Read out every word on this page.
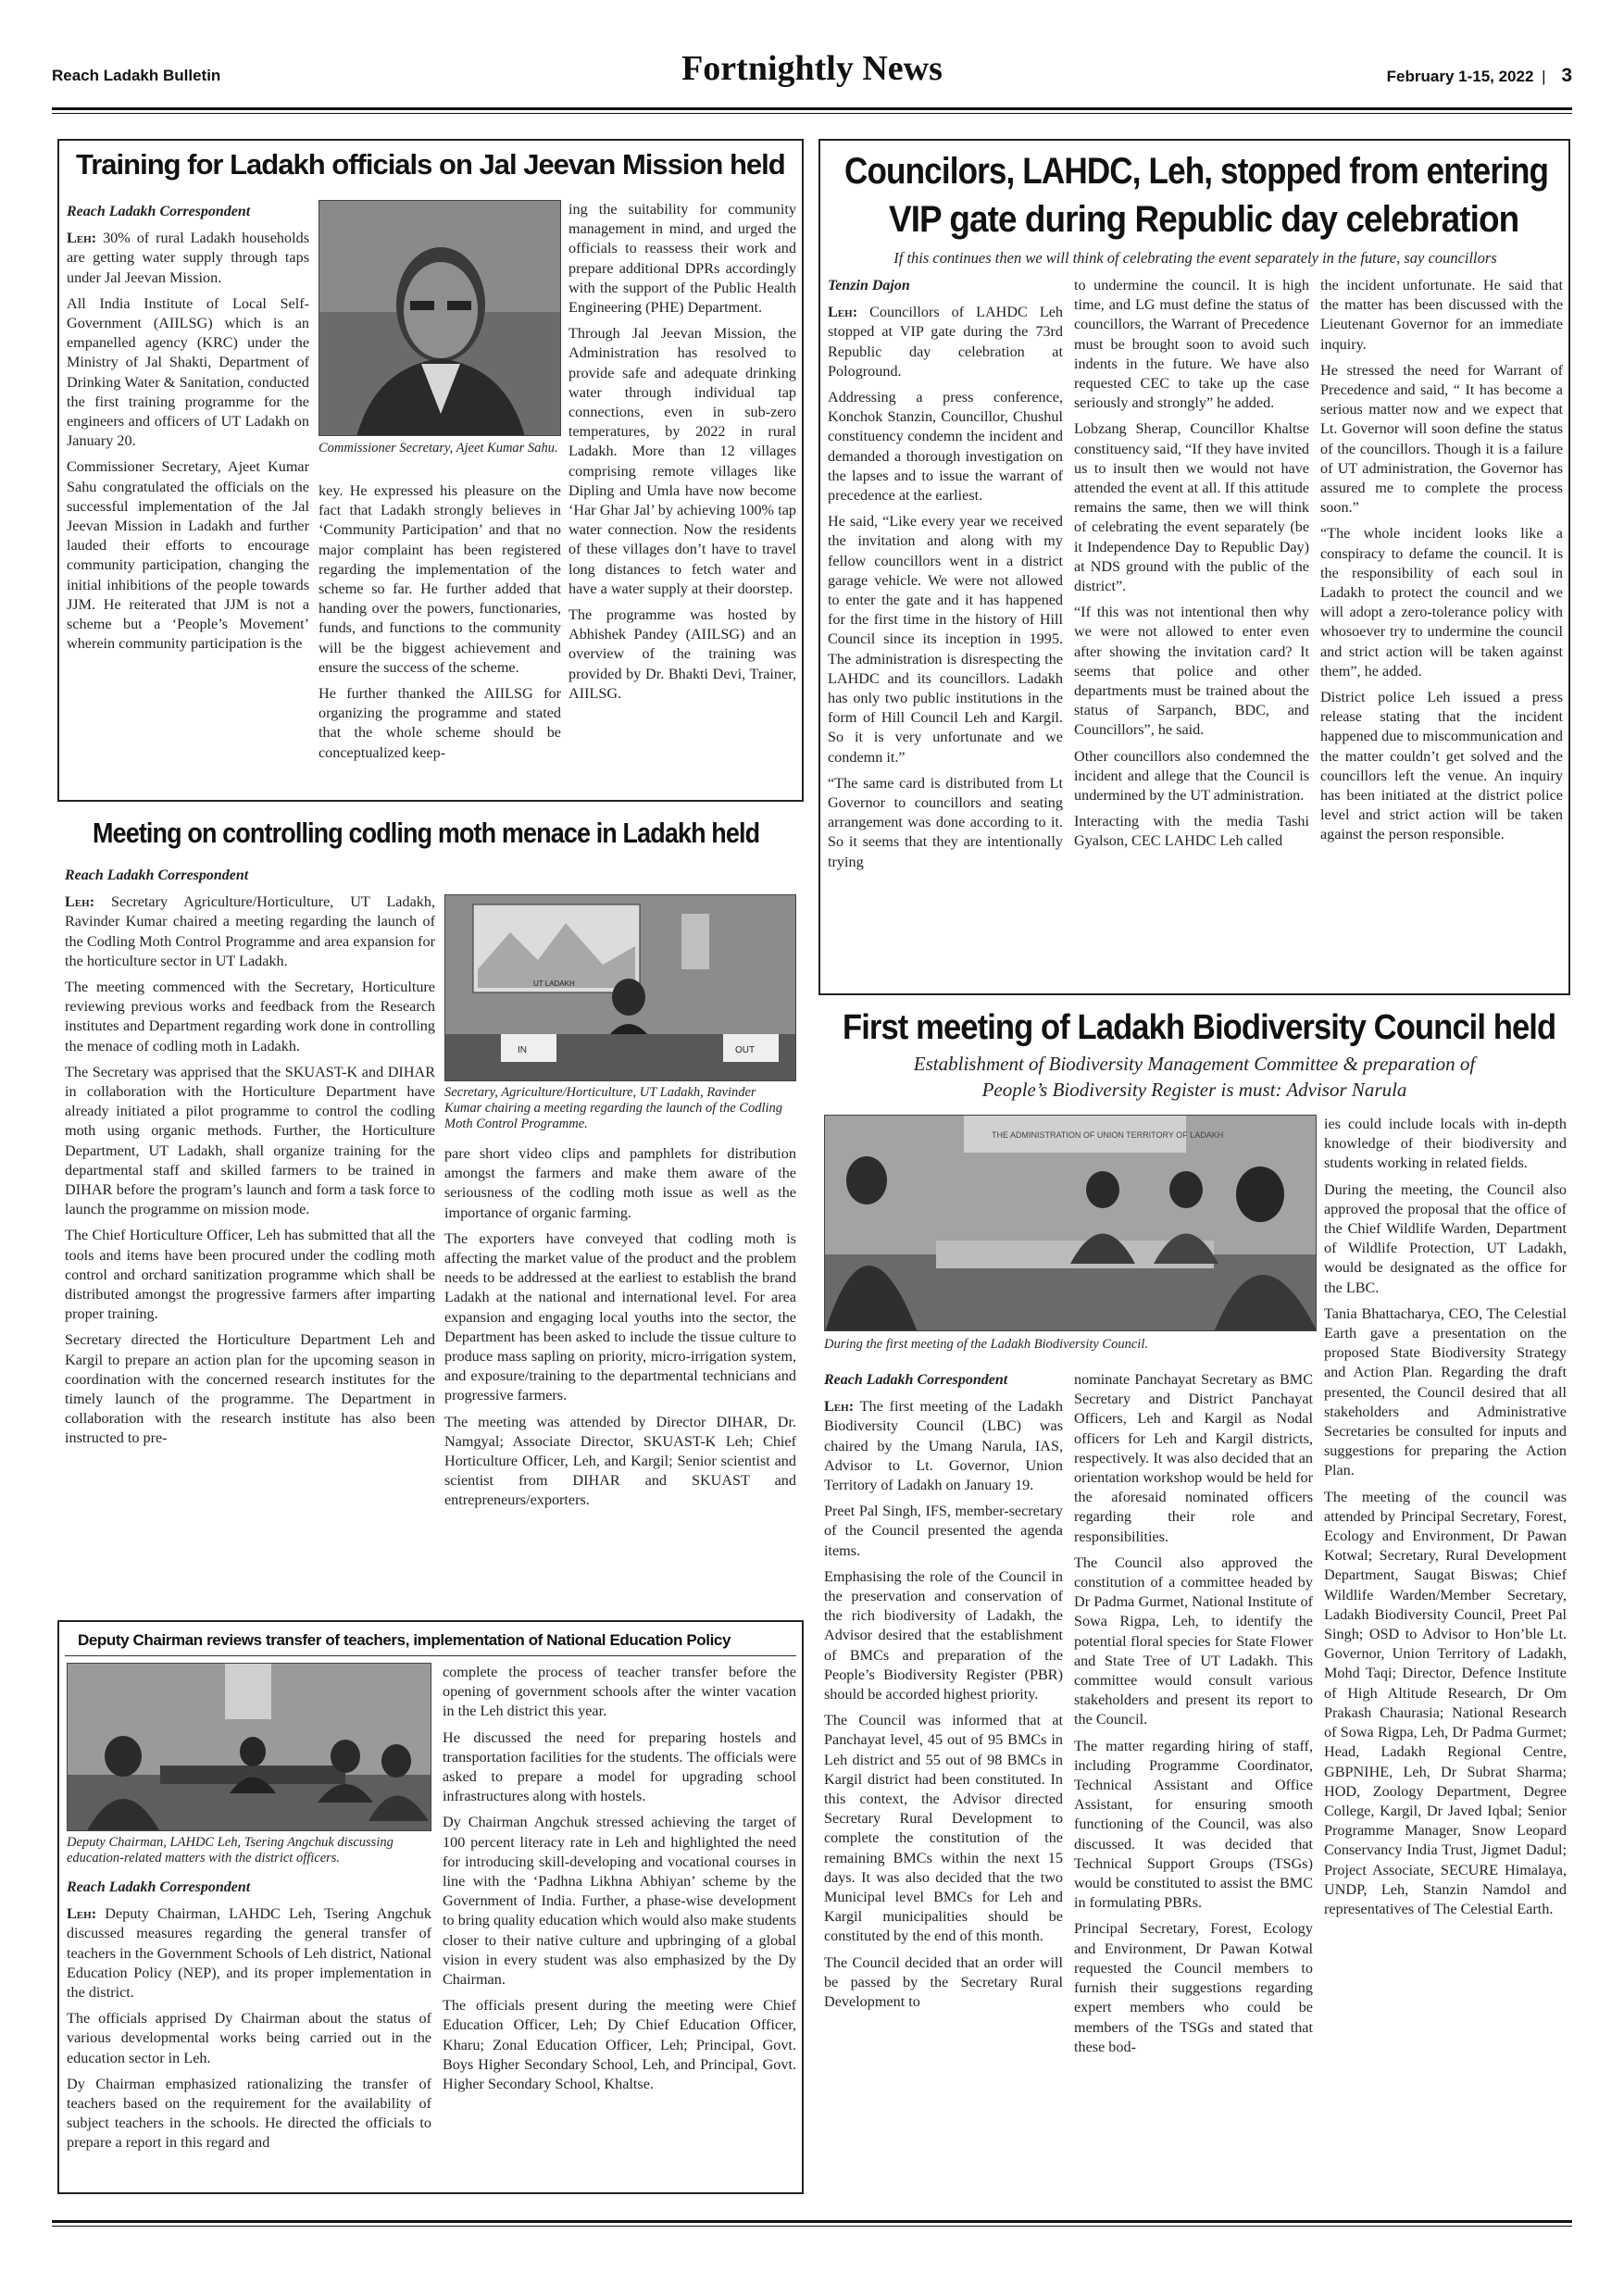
Reach Ladakh Bulletin	Fortnightly News	February 1-15, 2022 | 3
Training for Ladakh officials on Jal Jeevan Mission held
Reach Ladakh Correspondent

Leh: 30% of rural Ladakh households are getting water supply through taps under Jal Jeevan Mission.

All India Institute of Local Self-Government (AIILSG) which is an empanelled agency (KRC) under the Ministry of Jal Shakti, Department of Drinking Water & Sanitation, conducted the first training programme for the engineers and officers of UT Ladakh on January 20.

Commissioner Secretary, Ajeet Kumar Sahu congratulated the officials on the successful implementation of the Jal Jeevan Mission in Ladakh and further lauded their efforts to encourage community participation, changing the initial inhibitions of the people towards JJM. He reiterated that JJM is not a scheme but a ‘People’s Movement’ wherein community participation is the

Commissioner Secretary, Ajeet Kumar Sahu.

key. He expressed his pleasure on the fact that Ladakh strongly believes in ‘Community Participation’ and that no major complaint has been registered regarding the implementation of the scheme so far. He further added that handing over the powers, functionaries, funds, and functions to the community will be the biggest achievement and ensure the success of the scheme.

He further thanked the AIILSG for organizing the programme and stated that the whole scheme should be conceptualized keep-

ing the suitability for community management in mind, and urged the officials to reassess their work and prepare additional DPRs accordingly with the support of the Public Health Engineering (PHE) Department.

Through Jal Jeevan Mission, the Administration has resolved to provide safe and adequate drinking water through individual tap connections, even in sub-zero temperatures, by 2022 in rural Ladakh. More than 12 villages comprising remote villages like Dipling and Umla have now become ‘Har Ghar Jal’ by achieving 100% tap water connection. Now the residents of these villages don’t have to travel long distances to fetch water and have a water supply at their doorstep.

The programme was hosted by Abhishek Pandey (AIILSG) and an overview of the training was provided by Dr. Bhakti Devi, Trainer, AIILSG.

Meeting on controlling codling moth menace in Ladakh held
Reach Ladakh Correspondent

Leh: Secretary Agriculture/Horticulture, UT Ladakh, Ravinder Kumar chaired a meeting regarding the launch of the Codling Moth Control Programme and area expansion for the horticulture sector in UT Ladakh.

The meeting commenced with the Secretary, Horticulture reviewing previous works and feedback from the Research institutes and Department regarding work done in controlling the menace of codling moth in Ladakh.

The Secretary was apprised that the SKUAST-K and DIHAR in collaboration with the Horticulture Department have already initiated a pilot programme to control the codling moth using organic methods. Further, the Horticulture Department, UT Ladakh, shall organize training for the departmental staff and skilled farmers to be trained in DIHAR before the program’s launch and form a task force to launch the programme on mission mode.

The Chief Horticulture Officer, Leh has submitted that all the tools and items have been procured under the codling moth control and orchard sanitization programme which shall be distributed amongst the progressive farmers after imparting proper training.

Secretary directed the Horticulture Department Leh and Kargil to prepare an action plan for the upcoming season in coordination with the concerned research institutes for the timely launch of the programme. The Department in collaboration with the research institute has also been instructed to pre-

UT LADAKH
IN	OUT
Secretary, Agriculture/Horticulture, UT Ladakh, Ravinder Kumar chairing a meeting regarding the launch of the Codling Moth Control Programme.

pare short video clips and pamphlets for distribution amongst the farmers and make them aware of the seriousness of the codling moth issue as well as the importance of organic farming.

The exporters have conveyed that codling moth is affecting the market value of the product and the problem needs to be addressed at the earliest to establish the brand Ladakh at the national and international level. For area expansion and engaging local youths into the sector, the Department has been asked to include the tissue culture to produce mass sapling on priority, micro-irrigation system, and exposure/training to the departmental technicians and progressive farmers.

The meeting was attended by Director DIHAR, Dr. Namgyal; Associate Director, SKUAST-K Leh; Chief Horticulture Officer, Leh, and Kargil; Senior scientist and scientist from DIHAR and SKUAST and entrepreneurs/exporters.

Deputy Chairman reviews transfer of teachers, implementation of National Education Policy
Deputy Chairman, LAHDC Leh, Tsering Angchuk discussing education-related matters with the district officers.
Reach Ladakh Correspondent

Leh: Deputy Chairman, LAHDC Leh, Tsering Angchuk discussed measures regarding the general transfer of teachers in the Government Schools of Leh district, National Education Policy (NEP), and its proper implementation in the district.

The officials apprised Dy Chairman about the status of various developmental works being carried out in the education sector in Leh.

Dy Chairman emphasized rationalizing the transfer of teachers based on the requirement for the availability of subject teachers in the schools. He directed the officials to prepare a report in this regard and

complete the process of teacher transfer before the opening of government schools after the winter vacation in the Leh district this year.

He discussed the need for preparing hostels and transportation facilities for the students. The officials were asked to prepare a model for upgrading school infrastructures along with hostels.

Dy Chairman Angchuk stressed achieving the target of 100 percent literacy rate in Leh and highlighted the need for introducing skill-developing and vocational courses in line with the ‘Padhna Likhna Abhiyan’ scheme by the Government of India. Further, a phase-wise development to bring quality education which would also make students closer to their native culture and upbringing of a global vision in every student was also emphasized by the Dy Chairman.

The officials present during the meeting were Chief Education Officer, Leh; Dy Chief Education Officer, Kharu; Zonal Education Officer, Leh; Principal, Govt. Boys Higher Secondary School, Leh, and Principal, Govt. Higher Secondary School, Khaltse.

Councilors, LAHDC, Leh, stopped from entering
VIP gate during Republic day celebration
If this continues then we will think of celebrating the event separately in the future, say councillors
Tenzin Dajon

Leh: Councillors of LAHDC Leh stopped at VIP gate during the 73rd Republic day celebration at Pologround.

Addressing a press conference, Konchok Stanzin, Councillor, Chushul constituency condemn the incident and demanded a thorough investigation on the lapses and to issue the warrant of precedence at the earliest.

He said, “Like every year we received the invitation and along with my fellow councillors went in a district garage vehicle. We were not allowed to enter the gate and it has happened for the first time in the history of Hill Council since its inception in 1995. The administration is disrespecting the LAHDC and its councillors. Ladakh has only two public institutions in the form of Hill Council Leh and Kargil. So it is very unfortunate and we condemn it.”

“The same card is distributed from Lt Governor to councillors and seating arrangement was done according to it. So it seems that they are intentionally trying

to undermine the council. It is high time, and LG must define the status of councillors, the Warrant of Precedence must be brought soon to avoid such indents in the future. We have also requested CEC to take up the case seriously and strongly” he added.

Lobzang Sherap, Councillor Khaltse constituency said, “If they have invited us to insult then we would not have attended the event at all. If this attitude remains the same, then we will think of celebrating the event separately (be it Independence Day to Republic Day) at NDS ground with the public of the district”.

“If this was not intentional then why we were not allowed to enter even after showing the invitation card? It seems that police and other departments must be trained about the status of Sarpanch, BDC, and Councillors”, he said.

Other councillors also condemned the incident and allege that the Council is undermined by the UT administration.

Interacting with the media Tashi Gyalson, CEC LAHDC Leh called

the incident unfortunate. He said that the matter has been discussed with the Lieutenant Governor for an immediate inquiry.

He stressed the need for Warrant of Precedence and said, “ It has become a serious matter now and we expect that Lt. Governor will soon define the status of the councillors. Though it is a failure of UT administration, the Governor has assured me to complete the process soon.”

“The whole incident looks like a conspiracy to defame the council. It is the responsibility of each soul in Ladakh to protect the council and we will adopt a zero-tolerance policy with whosoever try to undermine the council and strict action will be taken against them”, he added.

District police Leh issued a press release stating that the incident happened due to miscommunication and the matter couldn’t get solved and the councillors left the venue. An inquiry has been initiated at the district police level and strict action will be taken against the person responsible.

First meeting of Ladakh Biodiversity Council held
Establishment of Biodiversity Management Committee & preparation of
People’s Biodiversity Register is must: Advisor Narula
THE ADMINISTRATION OF UNION TERRITORY OF LADAKH
During the first meeting of the Ladakh Biodiversity Council.
Reach Ladakh Correspondent

Leh: The first meeting of the Ladakh Biodiversity Council (LBC) was chaired by the Umang Narula, IAS, Advisor to Lt. Governor, Union Territory of Ladakh on January 19.

Preet Pal Singh, IFS, member-secretary of the Council presented the agenda items.

Emphasising the role of the Council in the preservation and conservation of the rich biodiversity of Ladakh, the Advisor desired that the establishment of BMCs and preparation of the People’s Biodiversity Register (PBR) should be accorded highest priority.

The Council was informed that at Panchayat level, 45 out of 95 BMCs in Leh district and 55 out of 98 BMCs in Kargil district had been constituted. In this context, the Advisor directed Secretary Rural Development to complete the constitution of the remaining BMCs within the next 15 days. It was also decided that the two Municipal level BMCs for Leh and Kargil municipalities should be constituted by the end of this month.

The Council decided that an order will be passed by the Secretary Rural Development to

nominate Panchayat Secretary as BMC Secretary and District Panchayat Officers, Leh and Kargil as Nodal officers for Leh and Kargil districts, respectively. It was also decided that an orientation workshop would be held for the aforesaid nominated officers regarding their role and responsibilities.

The Council also approved the constitution of a committee headed by Dr Padma Gurmet, National Institute of Sowa Rigpa, Leh, to identify the potential floral species for State Flower and State Tree of UT Ladakh. This committee would consult various stakeholders and present its report to the Council.

The matter regarding hiring of staff, including Programme Coordinator, Technical Assistant and Office Assistant, for ensuring smooth functioning of the Council, was also discussed. It was decided that Technical Support Groups (TSGs) would be constituted to assist the BMC in formulating PBRs.

Principal Secretary, Forest, Ecology and Environment, Dr Pawan Kotwal requested the Council members to furnish their suggestions regarding expert members who could be members of the TSGs and stated that these bod-

ies could include locals with in-depth knowledge of their biodiversity and students working in related fields.

During the meeting, the Council also approved the proposal that the office of the Chief Wildlife Warden, Department of Wildlife Protection, UT Ladakh, would be designated as the office for the LBC.

Tania Bhattacharya, CEO, The Celestial Earth gave a presentation on the proposed State Biodiversity Strategy and Action Plan. Regarding the draft presented, the Council desired that all stakeholders and Administrative Secretaries be consulted for inputs and suggestions for preparing the Action Plan.

The meeting of the council was attended by Principal Secretary, Forest, Ecology and Environment, Dr Pawan Kotwal; Secretary, Rural Development Department, Saugat Biswas; Chief Wildlife Warden/Member Secretary, Ladakh Biodiversity Council, Preet Pal Singh; OSD to Advisor to Hon’ble Lt. Governor, Union Territory of Ladakh, Mohd Taqi; Director, Defence Institute of High Altitude Research, Dr Om Prakash Chaurasia; National Research of Sowa Rigpa, Leh, Dr Padma Gurmet; Head, Ladakh Regional Centre, GBPNIHE, Leh, Dr Subrat Sharma; HOD, Zoology Department, Degree College, Kargil, Dr Javed Iqbal; Senior Programme Manager, Snow Leopard Conservancy India Trust, Jigmet Dadul; Project Associate, SECURE Himalaya, UNDP, Leh, Stanzin Namdol and representatives of The Celestial Earth.
